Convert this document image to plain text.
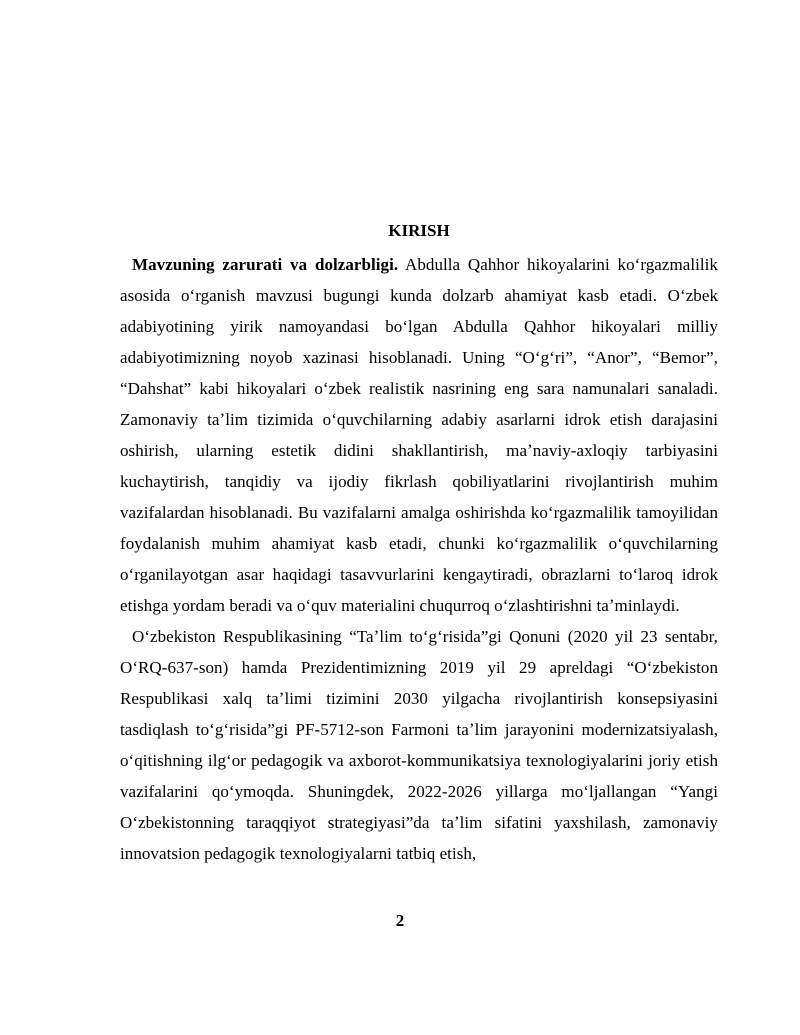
KIRISH

Mavzuning zarurati va dolzarbligi. Abdulla Qahhor hikoyalarini koʻrgazmalilik asosida oʻrganish mavzusi bugungi kunda dolzarb ahamiyat kasb etadi. Oʻzbek adabiyotining yirik namoyandasi boʻlgan Abdulla Qahhor hikoyalari milliy adabiyotimizning noyob xazinasi hisoblanadi. Uning “Oʻgʻri”, “Anor”, “Bemor”, “Dahshat” kabi hikoyalari oʻzbek realistik nasrining eng sara namunalari sanaladi. Zamonaviy taʼlim tizimida oʻquvchilarning adabiy asarlarni idrok etish darajasini oshirish, ularning estetik didini shakllantirish, maʼnaviy-axloqiy tarbiyasini kuchaytirish, tanqidiy va ijodiy fikrlash qobiliyatlarini rivojlantirish muhim vazifalardan hisoblanadi. Bu vazifalarni amalga oshirishda koʻrgazmalilik tamoyilidan foydalanish muhim ahamiyat kasb etadi, chunki koʻrgazmalilik oʻquvchilarning oʻrganilayotgan asar haqidagi tasavvurlarini kengaytiradi, obrazlarni toʻlaroq idrok etishga yordam beradi va oʻquv materialini chuqurroq oʻzlashtirishni taʼminlaydi.

Oʻzbekiston Respublikasining “Taʼlim toʻgʻrisida”gi Qonuni (2020 yil 23 sentabr, OʻRQ-637-son) hamda Prezidentimizning 2019 yil 29 apreldagi “Oʻzbekiston Respublikasi xalq taʼlimi tizimini 2030 yilgacha rivojlantirish konsepsiyasini tasdiqlash toʻgʻrisida”gi PF-5712-son Farmoni taʼlim jarayonini modernizatsiyalash, oʻqitishning ilgʻor pedagogik va axborot-kommunikatsiya texnologiyalarini joriy etish vazifalarini qoʻymoqda. Shuningdek, 2022-2026 yillarga moʻljallangan “Yangi Oʻzbekistonning taraqqiyot strategiyasi”da taʼlim sifatini yaxshilash, zamonaviy innovatsion pedagogik texnologiyalarni tatbiq etish,

2
